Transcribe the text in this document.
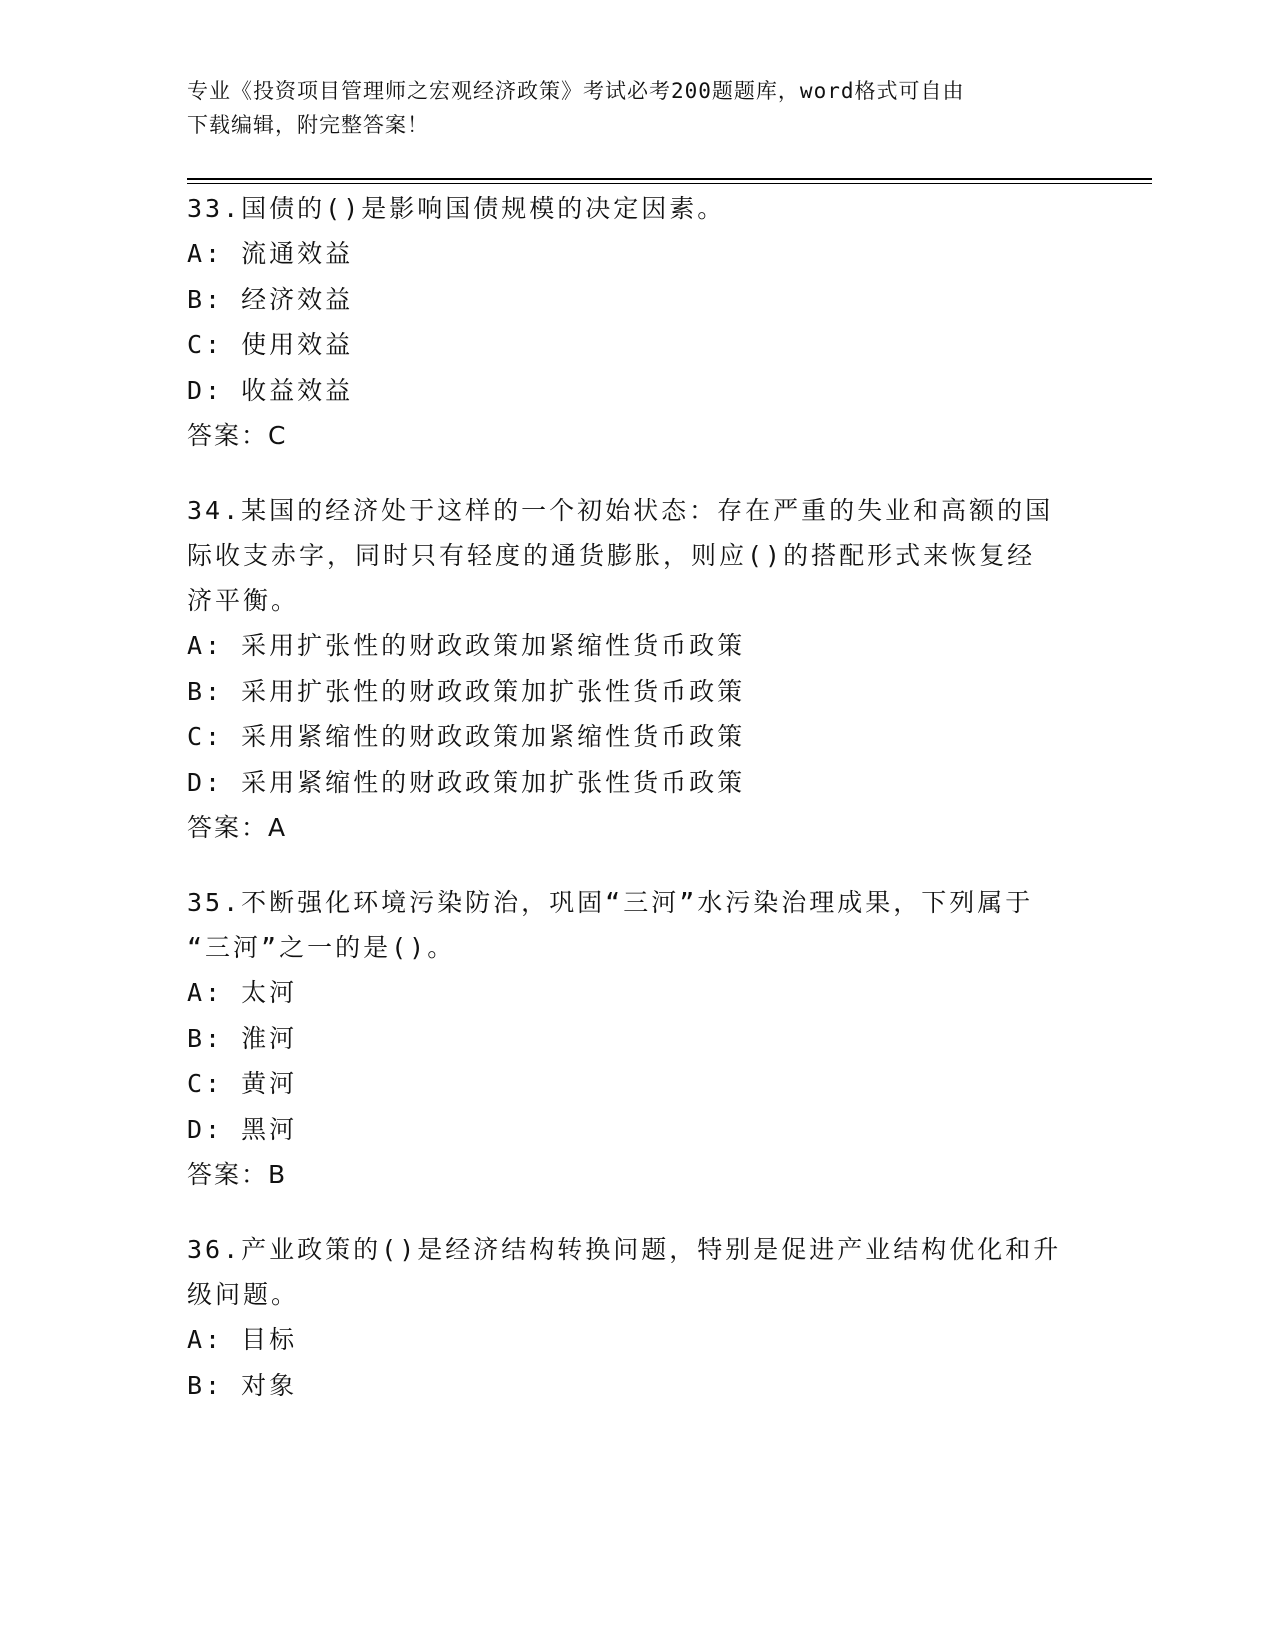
专业《投资项目管理师之宏观经济政策》考试必考200题题库，word格式可自由
下载编辑，附完整答案！
33.国债的()是影响国债规模的决定因素。
A: 流通效益
B: 经济效益
C: 使用效益
D: 收益效益
答案：C
34.某国的经济处于这样的一个初始状态：存在严重的失业和高额的国
际收支赤字，同时只有轻度的通货膨胀，则应()的搭配形式来恢复经
济平衡。
A: 采用扩张性的财政政策加紧缩性货币政策
B: 采用扩张性的财政政策加扩张性货币政策
C: 采用紧缩性的财政政策加紧缩性货币政策
D: 采用紧缩性的财政政策加扩张性货币政策
答案：A
35.不断强化环境污染防治，巩固“三河”水污染治理成果，下列属于
“三河”之一的是()。
A: 太河
B: 淮河
C: 黄河
D: 黑河
答案：B
36.产业政策的()是经济结构转换问题，特别是促进产业结构优化和升
级问题。
A: 目标
B: 对象
